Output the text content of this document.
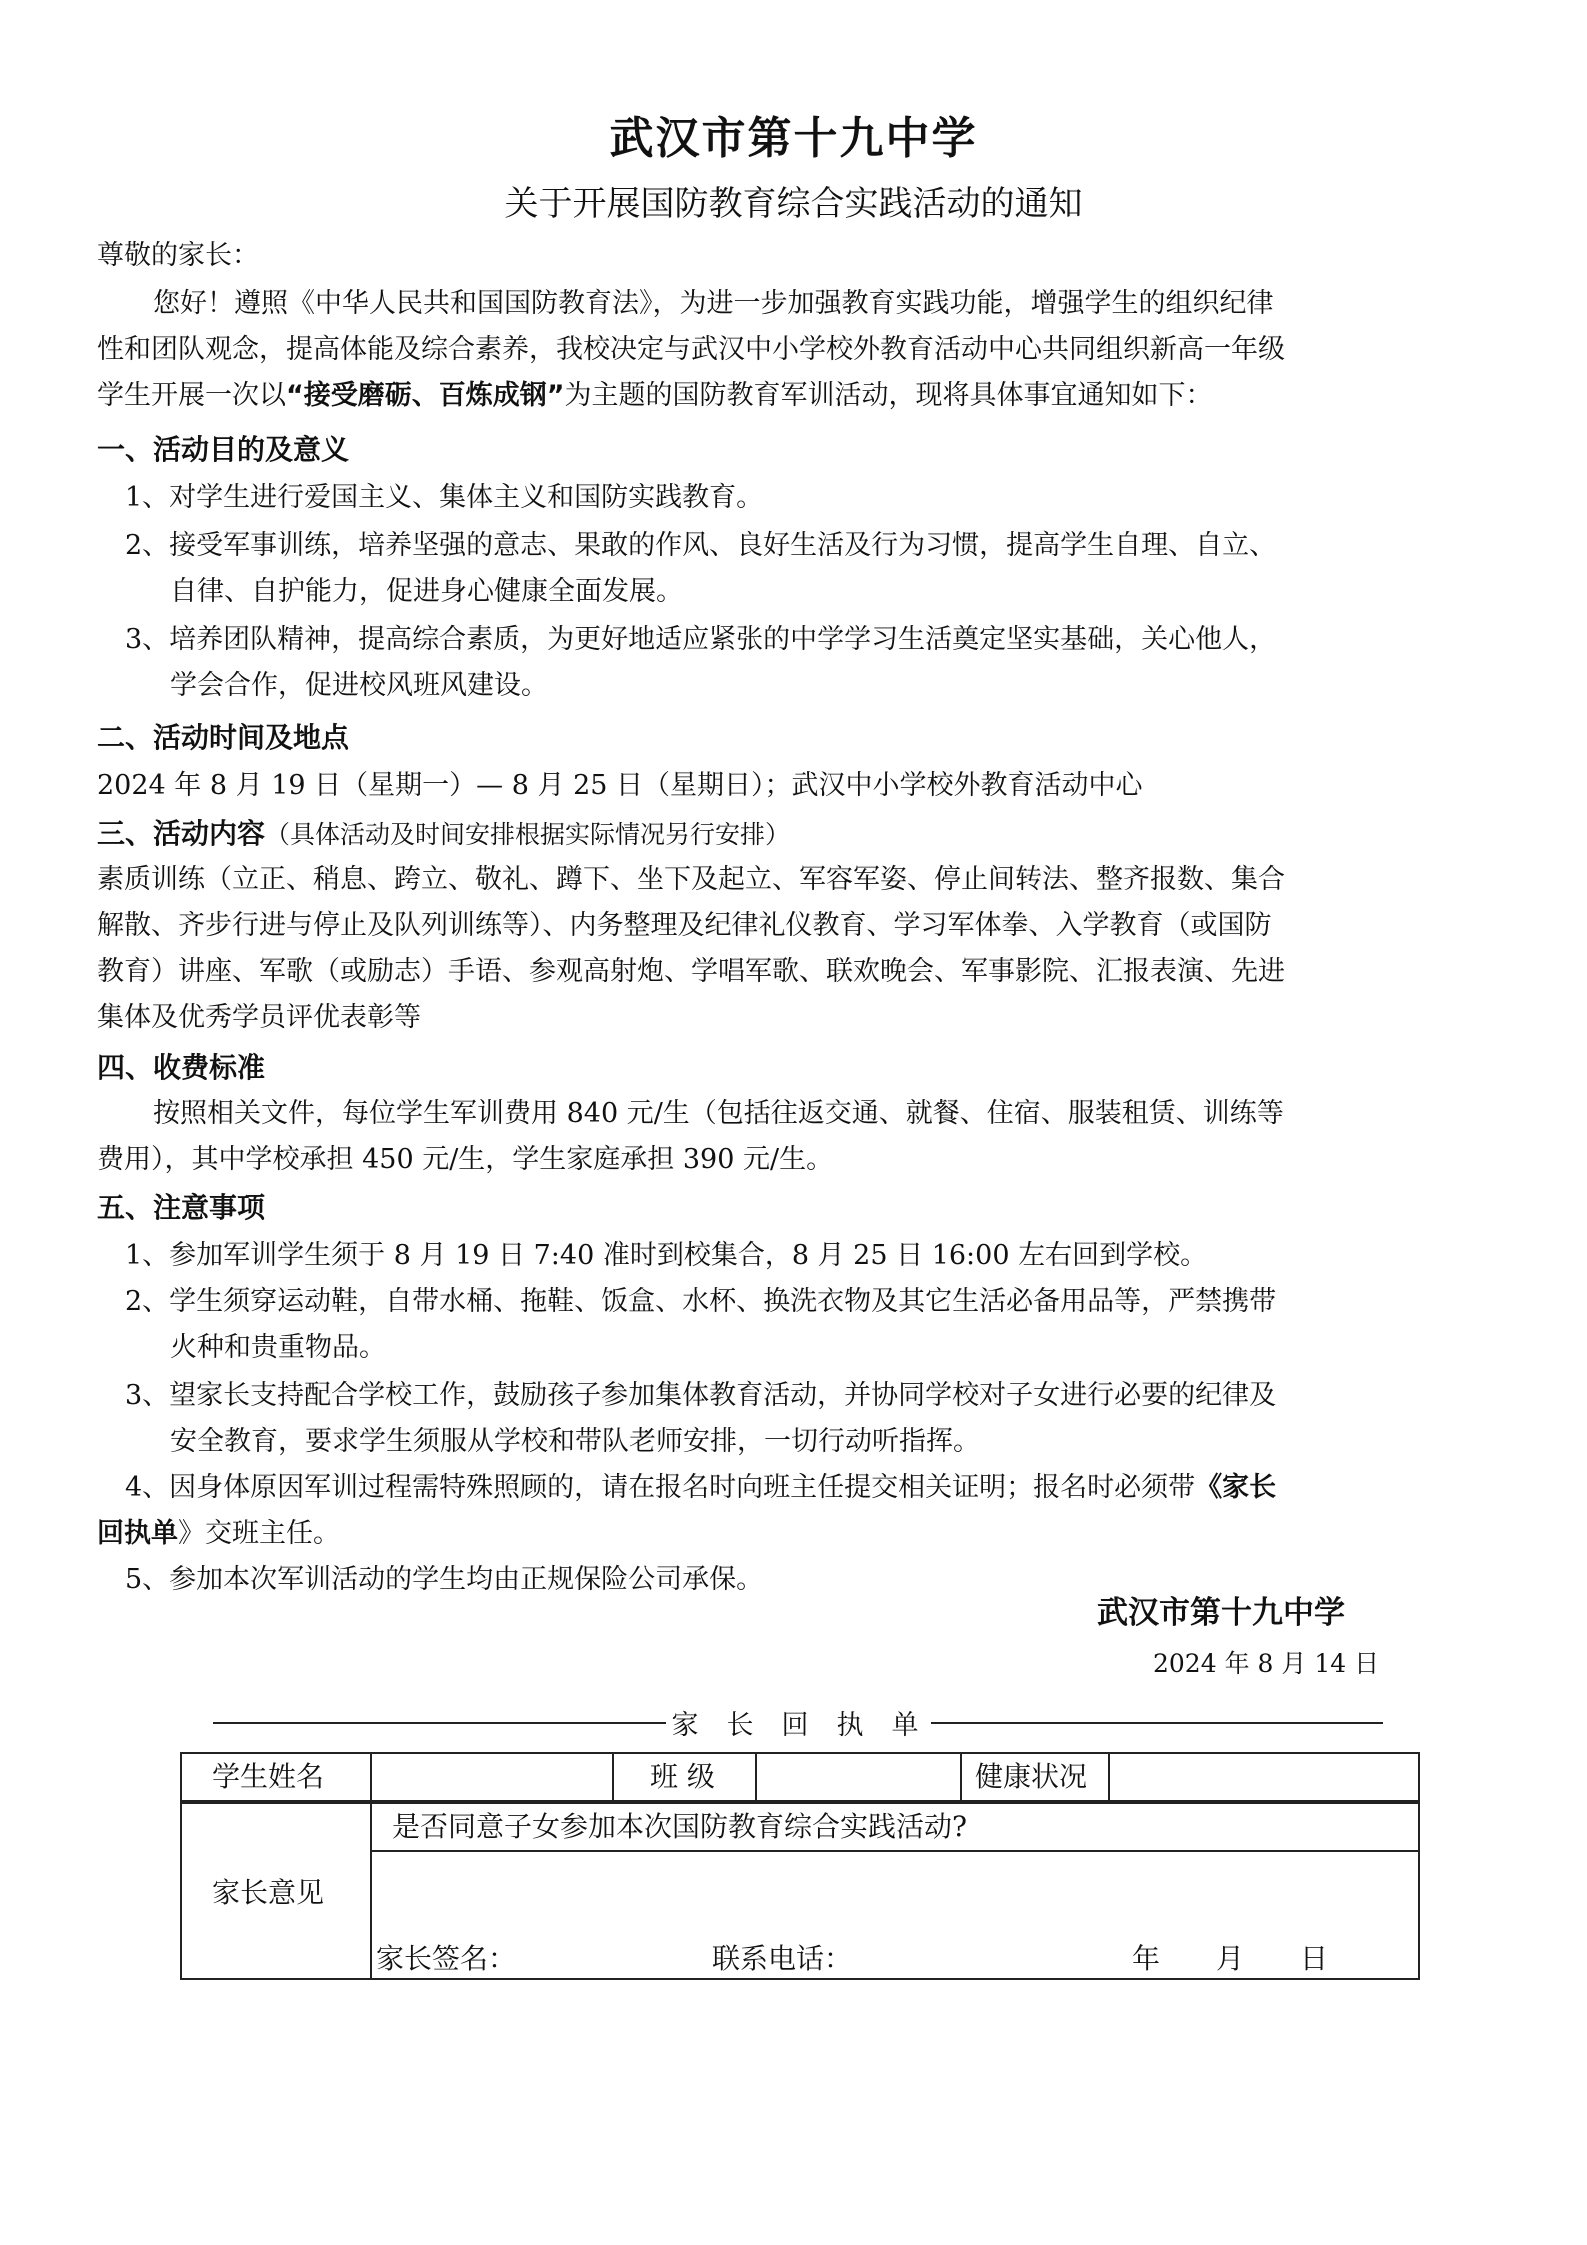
武汉市第十九中学
关于开展国防教育综合实践活动的通知
尊敬的家长：
您好！遵照《中华人民共和国国防教育法》，为进一步加强教育实践功能，增强学生的组织纪律
性和团队观念，提高体能及综合素养，我校决定与武汉中小学校外教育活动中心共同组织新高一年级
学生开展一次以“接受磨砺、百炼成钢”为主题的国防教育军训活动，现将具体事宜通知如下：
一、活动目的及意义
1、对学生进行爱国主义、集体主义和国防实践教育。
2、接受军事训练，培养坚强的意志、果敢的作风、良好生活及行为习惯，提高学生自理、自立、
自律、自护能力，促进身心健康全面发展。
3、培养团队精神，提高综合素质，为更好地适应紧张的中学学习生活奠定坚实基础，关心他人，
学会合作，促进校风班风建设。
二、活动时间及地点
2024 年 8 月 19 日（星期一）— 8 月 25 日（星期日）；武汉中小学校外教育活动中心
三、活动内容（具体活动及时间安排根据实际情况另行安排）
素质训练（立正、稍息、跨立、敬礼、蹲下、坐下及起立、军容军姿、停止间转法、整齐报数、集合
解散、齐步行进与停止及队列训练等）、内务整理及纪律礼仪教育、学习军体拳、入学教育（或国防
教育）讲座、军歌（或励志）手语、参观高射炮、学唱军歌、联欢晚会、军事影院、汇报表演、先进
集体及优秀学员评优表彰等
四、收费标准
按照相关文件，每位学生军训费用 840 元/生（包括往返交通、就餐、住宿、服装租赁、训练等
费用），其中学校承担 450 元/生，学生家庭承担 390 元/生。
五、注意事项
1、参加军训学生须于 8 月 19 日 7:40 准时到校集合，8 月 25 日 16:00 左右回到学校。
2、学生须穿运动鞋，自带水桶、拖鞋、饭盒、水杯、换洗衣物及其它生活必备用品等，严禁携带
火种和贵重物品。
3、望家长支持配合学校工作，鼓励孩子参加集体教育活动，并协同学校对子女进行必要的纪律及
安全教育，要求学生须服从学校和带队老师安排，一切行动听指挥。
4、因身体原因军训过程需特殊照顾的，请在报名时向班主任提交相关证明；报名时必须带《家长
回执单》交班主任。
5、参加本次军训活动的学生均由正规保险公司承保。
武汉市第十九中学
2024 年 8 月 14 日
家长回执单
学生姓名	班 级	健康状况
家长意见
是否同意子女参加本次国防教育综合实践活动?
家长签名：	联系电话：	年　　月　　日
